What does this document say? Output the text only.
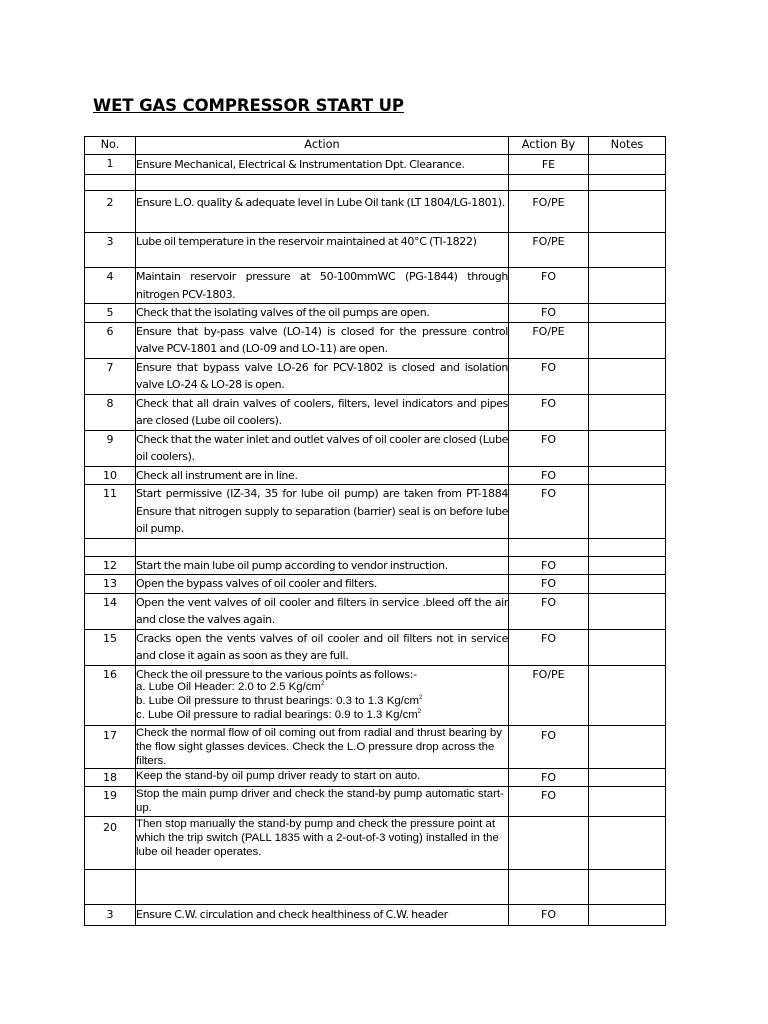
WET GAS COMPRESSOR START UP
No.	Action	Action By	Notes
1	Ensure Mechanical, Electrical & Instrumentation Dpt. Clearance.	FE	

2	Ensure L.O. quality & adequate level in Lube Oil tank (LT 1804/LG-1801).	FO/PE	
3	Lube oil temperature in the reservoir maintained at 40°C (TI-1822)	FO/PE	
4	Maintain reservoir pressure at 50-100mmWC (PG-1844) through nitrogen PCV-1803.	FO	
5	Check that the isolating valves of the oil pumps are open.	FO	
6	Ensure that by-pass valve (LO-14) is closed for the pressure control valve PCV-1801 and (LO-09 and LO-11) are open.	FO/PE	
7	Ensure that bypass valve LO-26 for PCV-1802 is closed and isolation valve LO-24 & LO-28 is open.	FO	
8	Check that all drain valves of coolers, filters, level indicators and pipes are closed (Lube oil coolers).	FO	
9	Check that the water inlet and outlet valves of oil cooler are closed (Lube oil coolers).	FO	
10	Check all instrument are in line.	FO	
11	Start permissive (IZ-34, 35 for lube oil pump) are taken from PT-1884 Ensure that nitrogen supply to separation (barrier) seal is on before lube oil pump.	FO	

12	Start the main lube oil pump according to vendor instruction.	FO	
13	Open the bypass valves of oil cooler and filters.	FO	
14	Open the vent valves of oil cooler and filters in service .bleed off the air and close the valves again.	FO	
15	Cracks open the vents valves of oil cooler and oil filters not in service and close it again as soon as they are full.	FO	
16	Check the oil pressure to the various points as follows:-
a. Lube Oil Header: 2.0 to 2.5 $Kg/cm^2$
b. Lube Oil pressure to thrust bearings: 0.3 to 1.3 $Kg/cm^2$
c. Lube Oil pressure to radial bearings: 0.9 to 1.3 $Kg/cm^2$	FO/PE	
17	Check the normal flow of oil coming out from radial and thrust bearing by the flow sight glasses devices. Check the L.O pressure drop across the filters.	FO	
18	Keep the stand-by oil pump driver ready to start on auto.	FO	
19	Stop the main pump driver and check the stand-by pump automatic start-up.	FO	
20	Then stop manually the stand-by pump and check the pressure point at which the trip switch (PALL 1835 with a 2-out-of-3 voting) installed in the lube oil header operates.		

3	Ensure C.W. circulation and check healthiness of C.W. header	FO	
